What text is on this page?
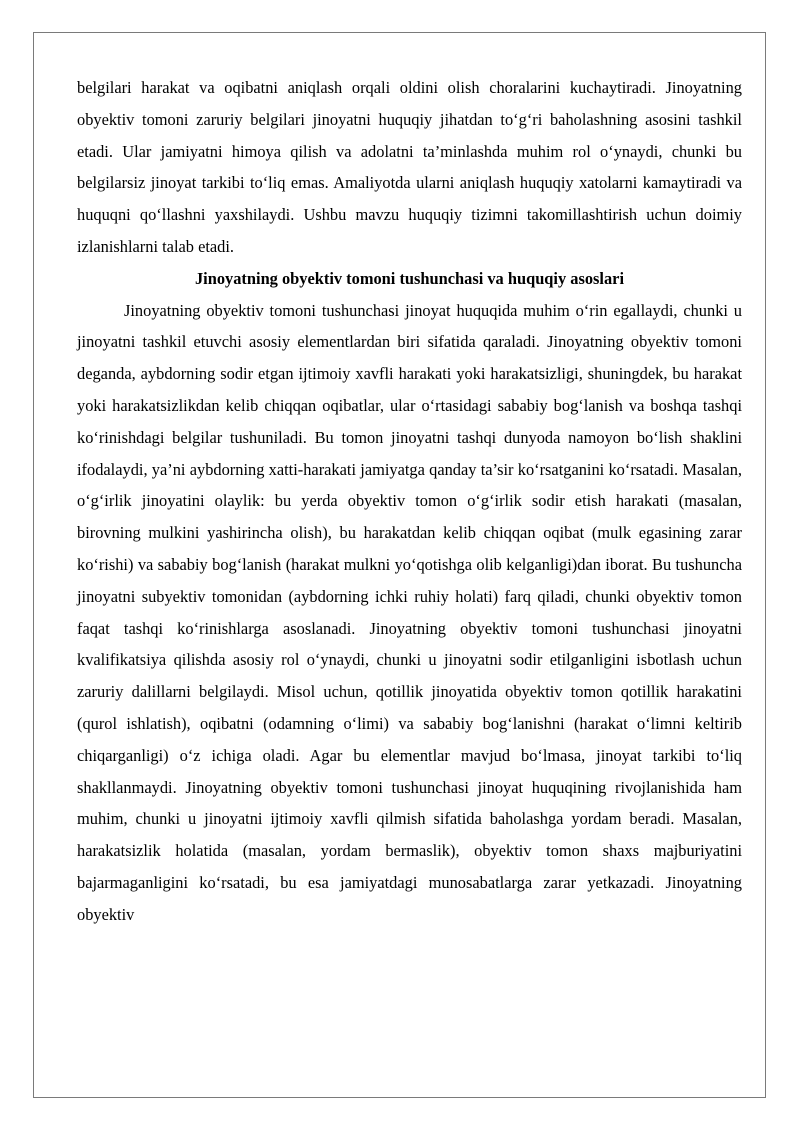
belgilari harakat va oqibatni aniqlash orqali oldini olish choralarini kuchaytiradi. Jinoyatning obyektiv tomoni zaruriy belgilari jinoyatni huquqiy jihatdan to‘g‘ri baholashning asosini tashkil etadi. Ular jamiyatni himoya qilish va adolatni ta’minlashda muhim rol o‘ynaydi, chunki bu belgilarsiz jinoyat tarkibi to‘liq emas. Amaliyotda ularni aniqlash huquqiy xatolarni kamaytiradi va huquqni qo‘llashni yaxshilaydi. Ushbu mavzu huquqiy tizimni takomillashtirish uchun doimiy izlanishlarni talab etadi.

Jinoyatning obyektiv tomoni tushunchasi va huquqiy asoslari

Jinoyatning obyektiv tomoni tushunchasi jinoyat huquqida muhim o‘rin egallaydi, chunki u jinoyatni tashkil etuvchi asosiy elementlardan biri sifatida qaraladi. Jinoyatning obyektiv tomoni deganda, aybdorning sodir etgan ijtimoiy xavfli harakati yoki harakatsizligi, shuningdek, bu harakat yoki harakatsizlikdan kelib chiqqan oqibatlar, ular o‘rtasidagi sababiy bog‘lanish va boshqa tashqi ko‘rinishdagi belgilar tushuniladi. Bu tomon jinoyatni tashqi dunyoda namoyon bo‘lish shaklini ifodalaydi, ya’ni aybdorning xatti-harakati jamiyatga qanday ta’sir ko‘rsatganini ko‘rsatadi. Masalan, o‘g‘irlik jinoyatini olaylik: bu yerda obyektiv tomon o‘g‘irlik sodir etish harakati (masalan, birovning mulkini yashirincha olish), bu harakatdan kelib chiqqan oqibat (mulk egasining zarar ko‘rishi) va sababiy bog‘lanish (harakat mulkni yo‘qotishga olib kelganligi)dan iborat. Bu tushuncha jinoyatni subyektiv tomonidan (aybdorning ichki ruhiy holati) farq qiladi, chunki obyektiv tomon faqat tashqi ko‘rinishlarga asoslanadi. Jinoyatning obyektiv tomoni tushunchasi jinoyatni kvalifikatsiya qilishda asosiy rol o‘ynaydi, chunki u jinoyatni sodir etilganligini isbotlash uchun zaruriy dalillarni belgilaydi. Misol uchun, qotillik jinoyatida obyektiv tomon qotillik harakatini (qurol ishlatish), oqibatni (odamning o‘limi) va sababiy bog‘lanishni (harakat o‘limni keltirib chiqarganligi) o‘z ichiga oladi. Agar bu elementlar mavjud bo‘lmasa, jinoyat tarkibi to‘liq shakllanmaydi. Jinoyatning obyektiv tomoni tushunchasi jinoyat huquqining rivojlanishida ham muhim, chunki u jinoyatni ijtimoiy xavfli qilmish sifatida baholashga yordam beradi. Masalan, harakatsizlik holatida (masalan, yordam bermaslik), obyektiv tomon shaxs majburiyatini bajarmaganligini ko‘rsatadi, bu esa jamiyatdagi munosabatlarga zarar yetkazadi. Jinoyatning obyektiv
